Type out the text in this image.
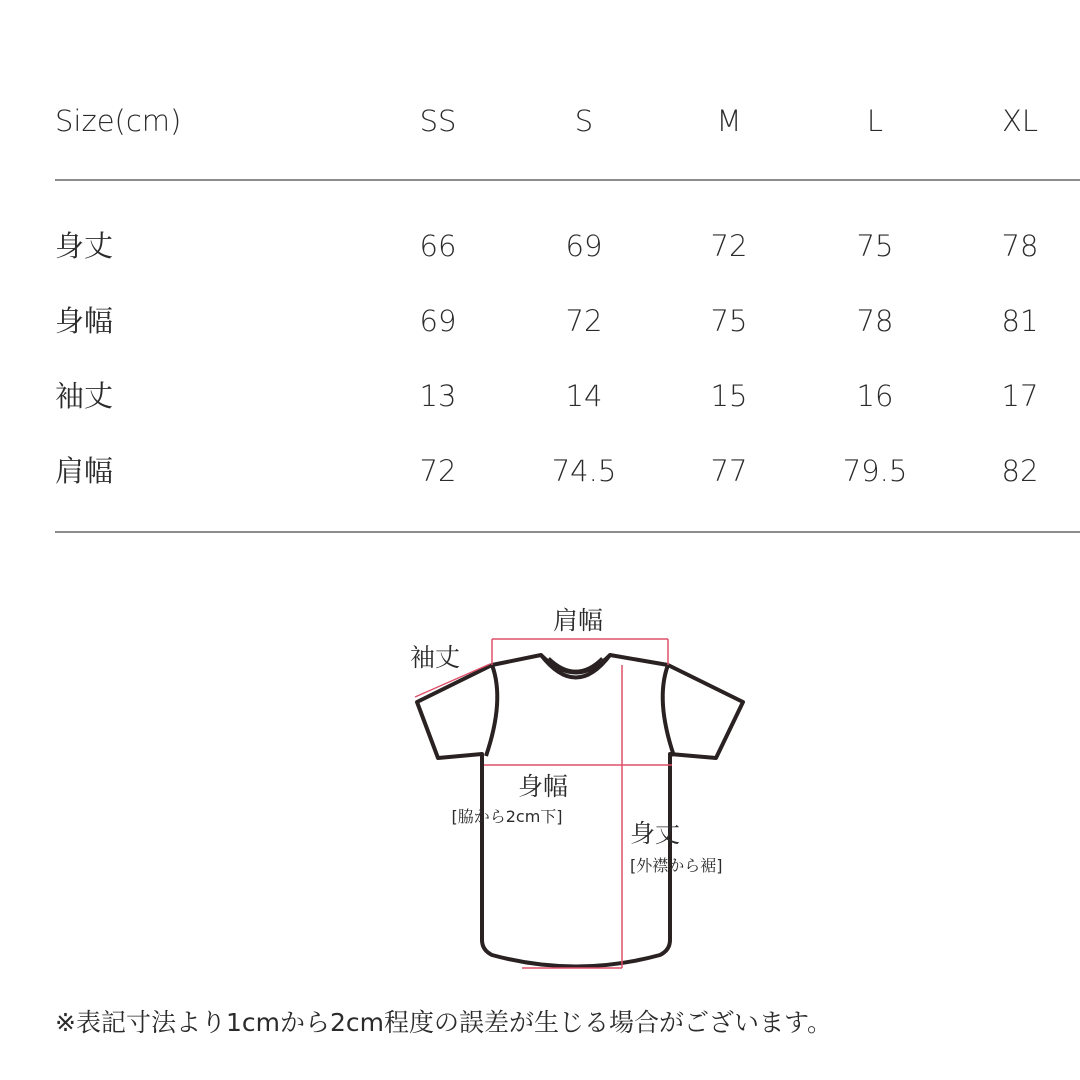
Size(cm)	SS	S	M	L	XL
身丈	66	69	72	75	78
身幅	69	72	75	78	81
袖丈	13	14	15	16	17
肩幅	72	74.5	77	79.5	82
肩幅
袖丈
身幅
[脇から2cm下]
身丈
[外襟から裾]
※表記寸法より1cmから2cm程度の誤差が生じる場合がございます。
